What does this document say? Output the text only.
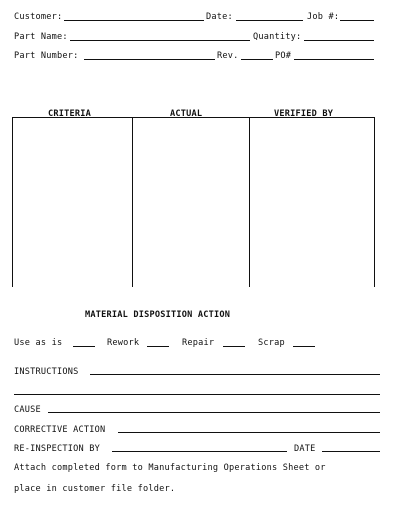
Customer:	Date:	Job #:
Part Name:	Quantity:
Part Number:	Rev.	PO#
CRITERIA	ACTUAL	VERIFIED BY
MATERIAL DISPOSITION ACTION
Use as is	Rework	Repair	Scrap
INSTRUCTIONS
CAUSE
CORRECTIVE ACTION
RE-INSPECTION BY	DATE
Attach completed form to Manufacturing Operations Sheet or
place in customer file folder.
